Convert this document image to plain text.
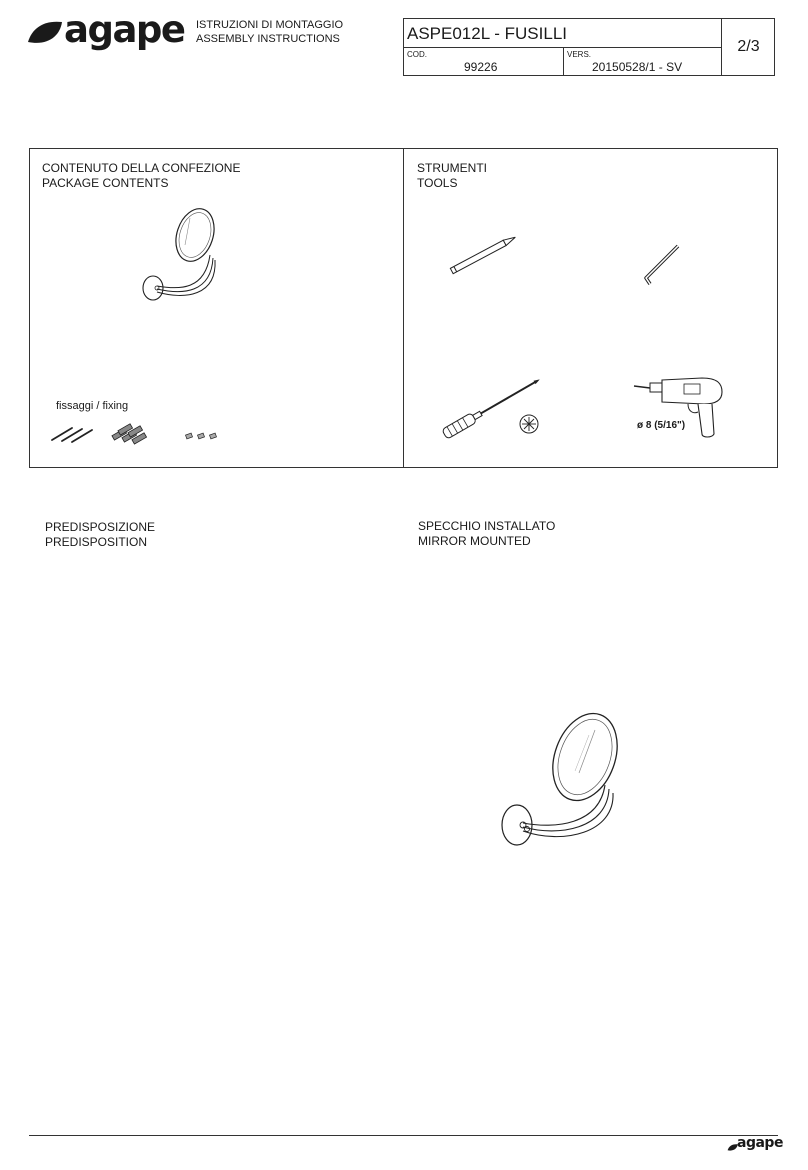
agape ISTRUZIONI DI MONTAGGIO
ASSEMBLY INSTRUCTIONS	ASPE012L - FUSILLI
2/3
COD.
99226
VERS.
20150528/1 - SV
CONTENUTO DELLA CONFEZIONE
PACKAGE CONTENTS
STRUMENTI
TOOLS
fissaggi / fixing
ø 8 (5/16")
PREDISPOSIZIONE
PREDISPOSITION
SPECCHIO INSTALLATO
MIRROR MOUNTED
agape
